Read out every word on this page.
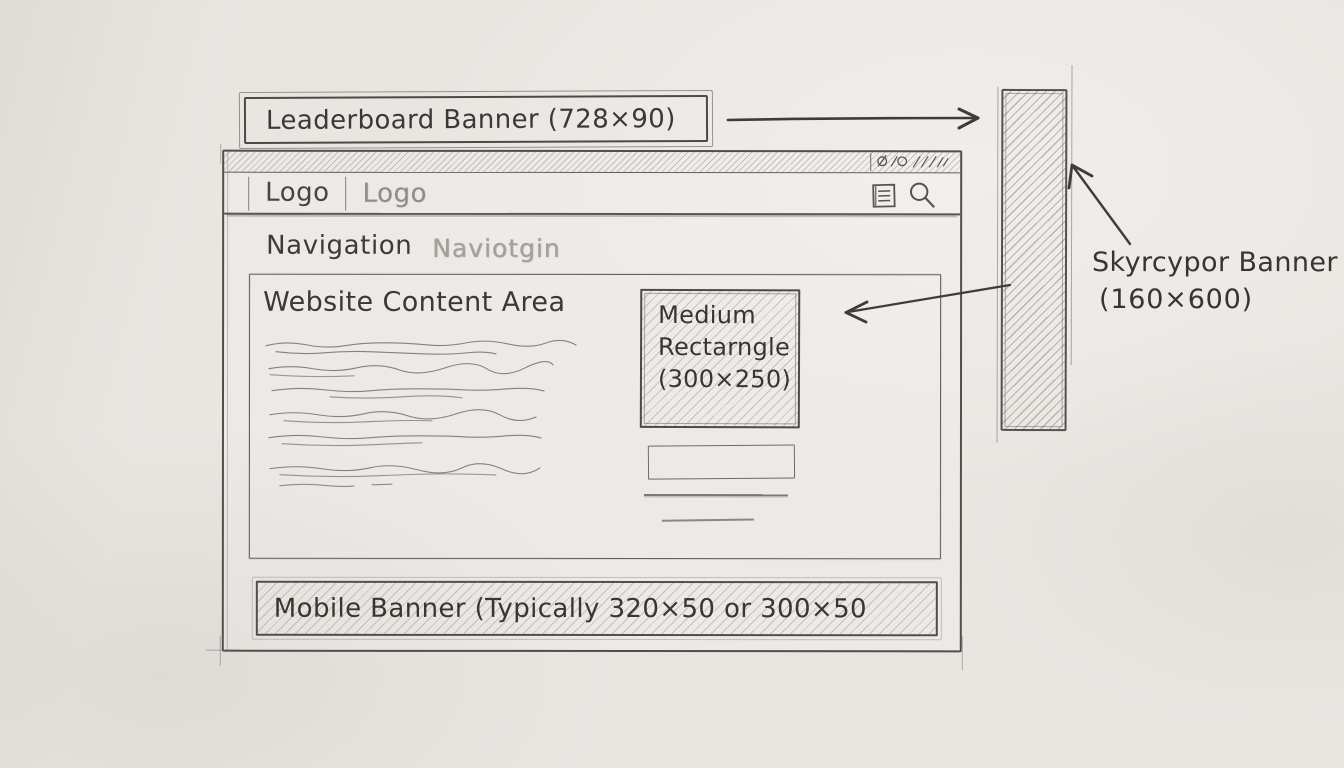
Leaderboard Banner (728×90)
Skyrcypor Banner
(160×600)
Logo	Logo
Navigation Naviotgin
Website Content Area	Medium
Rectarngle
(300×250)
Mobile Banner (Typically 320×50 or 300×50
